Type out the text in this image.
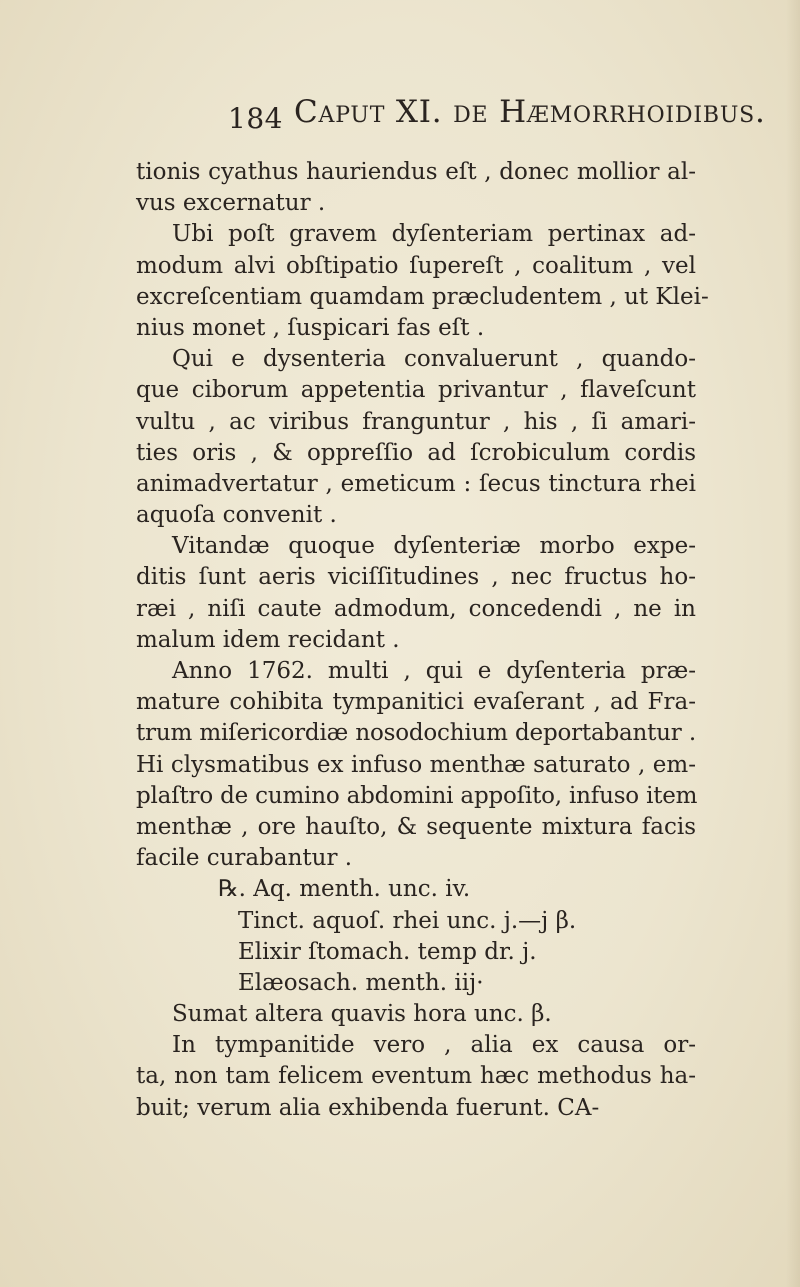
184 Caput XI. de Hæmorrhoidibus.
tionis cyathus hauriendus eſt , donec mollior al-
vus excernatur .
Ubi poſt gravem dyſenteriam pertinax ad-
modum alvi obſtipatio ſupereſt , coalitum , vel
excreſcentiam quamdam præcludentem , ut Klei-
nius monet , ſuspicari fas eſt .
Qui e dysenteria convaluerunt , quando-
que ciborum appetentia privantur , flaveſcunt
vultu , ac viribus franguntur , his , ſi amari-
ties oris , & oppreſſio ad ſcrobiculum cordis
animadvertatur , emeticum : ſecus tinctura rhei
aquoſa convenit .
Vitandæ quoque dyſenteriæ morbo expe-
ditis ſunt aeris viciſſitudines , nec fructus ho-
ræi , niſi caute admodum, concedendi , ne in
malum idem recidant .
Anno 1762. multi , qui e dyſenteria præ-
mature cohibita tympanitici evaſerant , ad Fra-
trum miſericordiæ nosodochium deportabantur .
Hi clysmatibus ex infuso menthæ saturato , em-
plaſtro de cumino abdomini appoſito, infuso item
menthæ , ore hauſto, & sequente mixtura facis
facile curabantur .
℞. Aq. menth. unc. iv.
Tinct. aquoſ. rhei unc. j.—j β.
Elixir ſtomach. temp dr. j.
Elæosach. menth. iij·
Sumat altera quavis hora unc. β.
In tympanitide vero , alia ex causa or-
ta, non tam felicem eventum hæc methodus ha-
buit; verum alia exhibenda fuerunt. CA-
